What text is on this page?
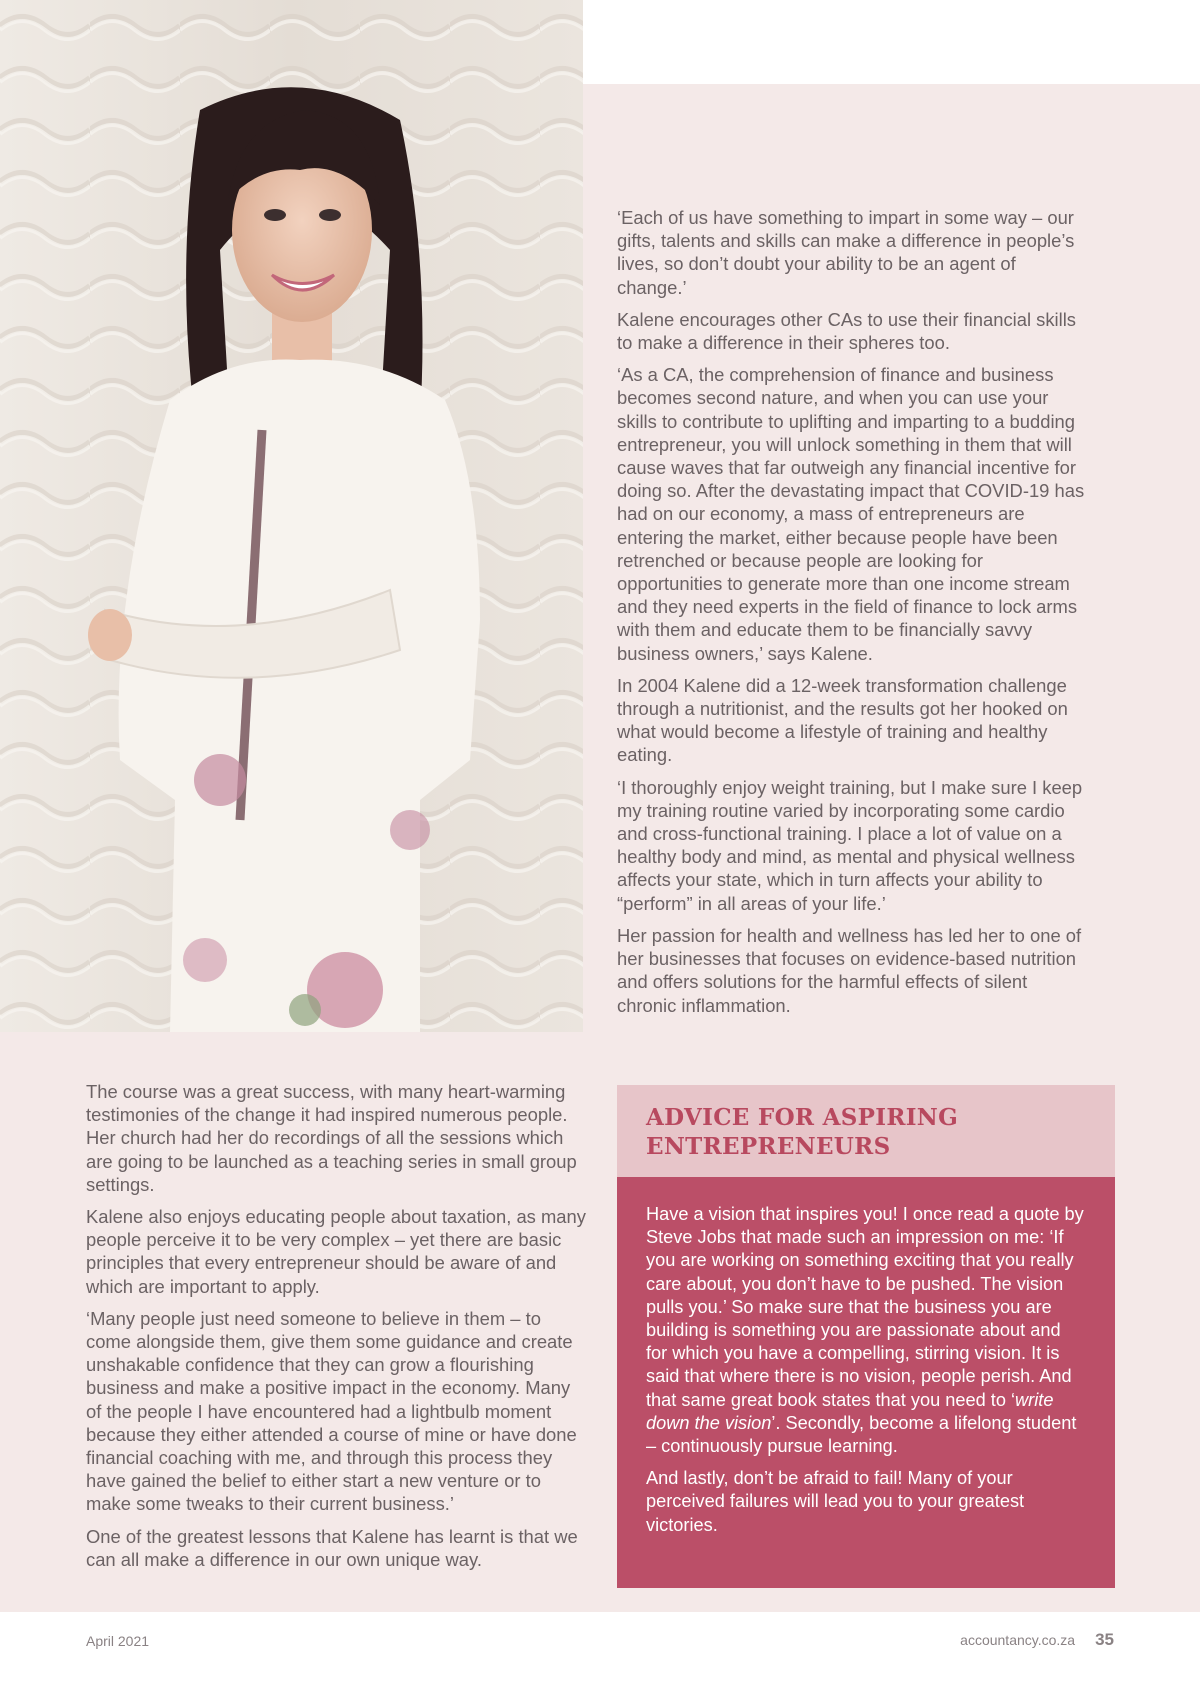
‘Each of us have something to impart in some way – our gifts, talents and skills can make a difference in people’s lives, so don’t doubt your ability to be an agent of change.’

Kalene encourages other CAs to use their financial skills to make a difference in their spheres too.

‘As a CA, the comprehension of finance and business becomes second nature, and when you can use your skills to contribute to uplifting and imparting to a budding entrepreneur, you will unlock something in them that will cause waves that far outweigh any financial incentive for doing so. After the devastating impact that COVID-19 has had on our economy, a mass of entrepreneurs are entering the market, either because people have been retrenched or because people are looking for opportunities to generate more than one income stream and they need experts in the field of finance to lock arms with them and educate them to be financially savvy business owners,’ says Kalene.

In 2004 Kalene did a 12-week transformation challenge through a nutritionist, and the results got her hooked on what would become a lifestyle of training and healthy eating.

‘I thoroughly enjoy weight training, but I make sure I keep my training routine varied by incorporating some cardio and cross-functional training. I place a lot of value on a healthy body and mind, as mental and physical wellness affects your state, which in turn affects your ability to “perform” in all areas of your life.’

Her passion for health and wellness has led her to one of her businesses that focuses on evidence-based nutrition and offers solutions for the harmful effects of silent chronic inflammation.

The course was a great success, with many heart-warming testimonies of the change it had inspired numerous people. Her church had her do recordings of all the sessions which are going to be launched as a teaching series in small group settings.

Kalene also enjoys educating people about taxation, as many people perceive it to be very complex – yet there are basic principles that every entrepreneur should be aware of and which are important to apply.

‘Many people just need someone to believe in them – to come alongside them, give them some guidance and create unshakable confidence that they can grow a flourishing business and make a positive impact in the economy. Many of the people I have encountered had a lightbulb moment because they either attended a course of mine or have done financial coaching with me, and through this process they have gained the belief to either start a new venture or to make some tweaks to their current business.’

One of the greatest lessons that Kalene has learnt is that we can all make a difference in our own unique way.

ADVICE FOR ASPIRING ENTREPRENEURS

Have a vision that inspires you! I once read a quote by Steve Jobs that made such an impression on me: ‘If you are working on something exciting that you really care about, you don’t have to be pushed. The vision pulls you.’ So make sure that the business you are building is something you are passionate about and for which you have a compelling, stirring vision. It is said that where there is no vision, people perish. And that same great book states that you need to ‘write down the vision’. Secondly, become a lifelong student – continuously pursue learning.

And lastly, don’t be afraid to fail! Many of your perceived failures will lead you to your greatest victories.

April 2021	accountancy.co.za 35
